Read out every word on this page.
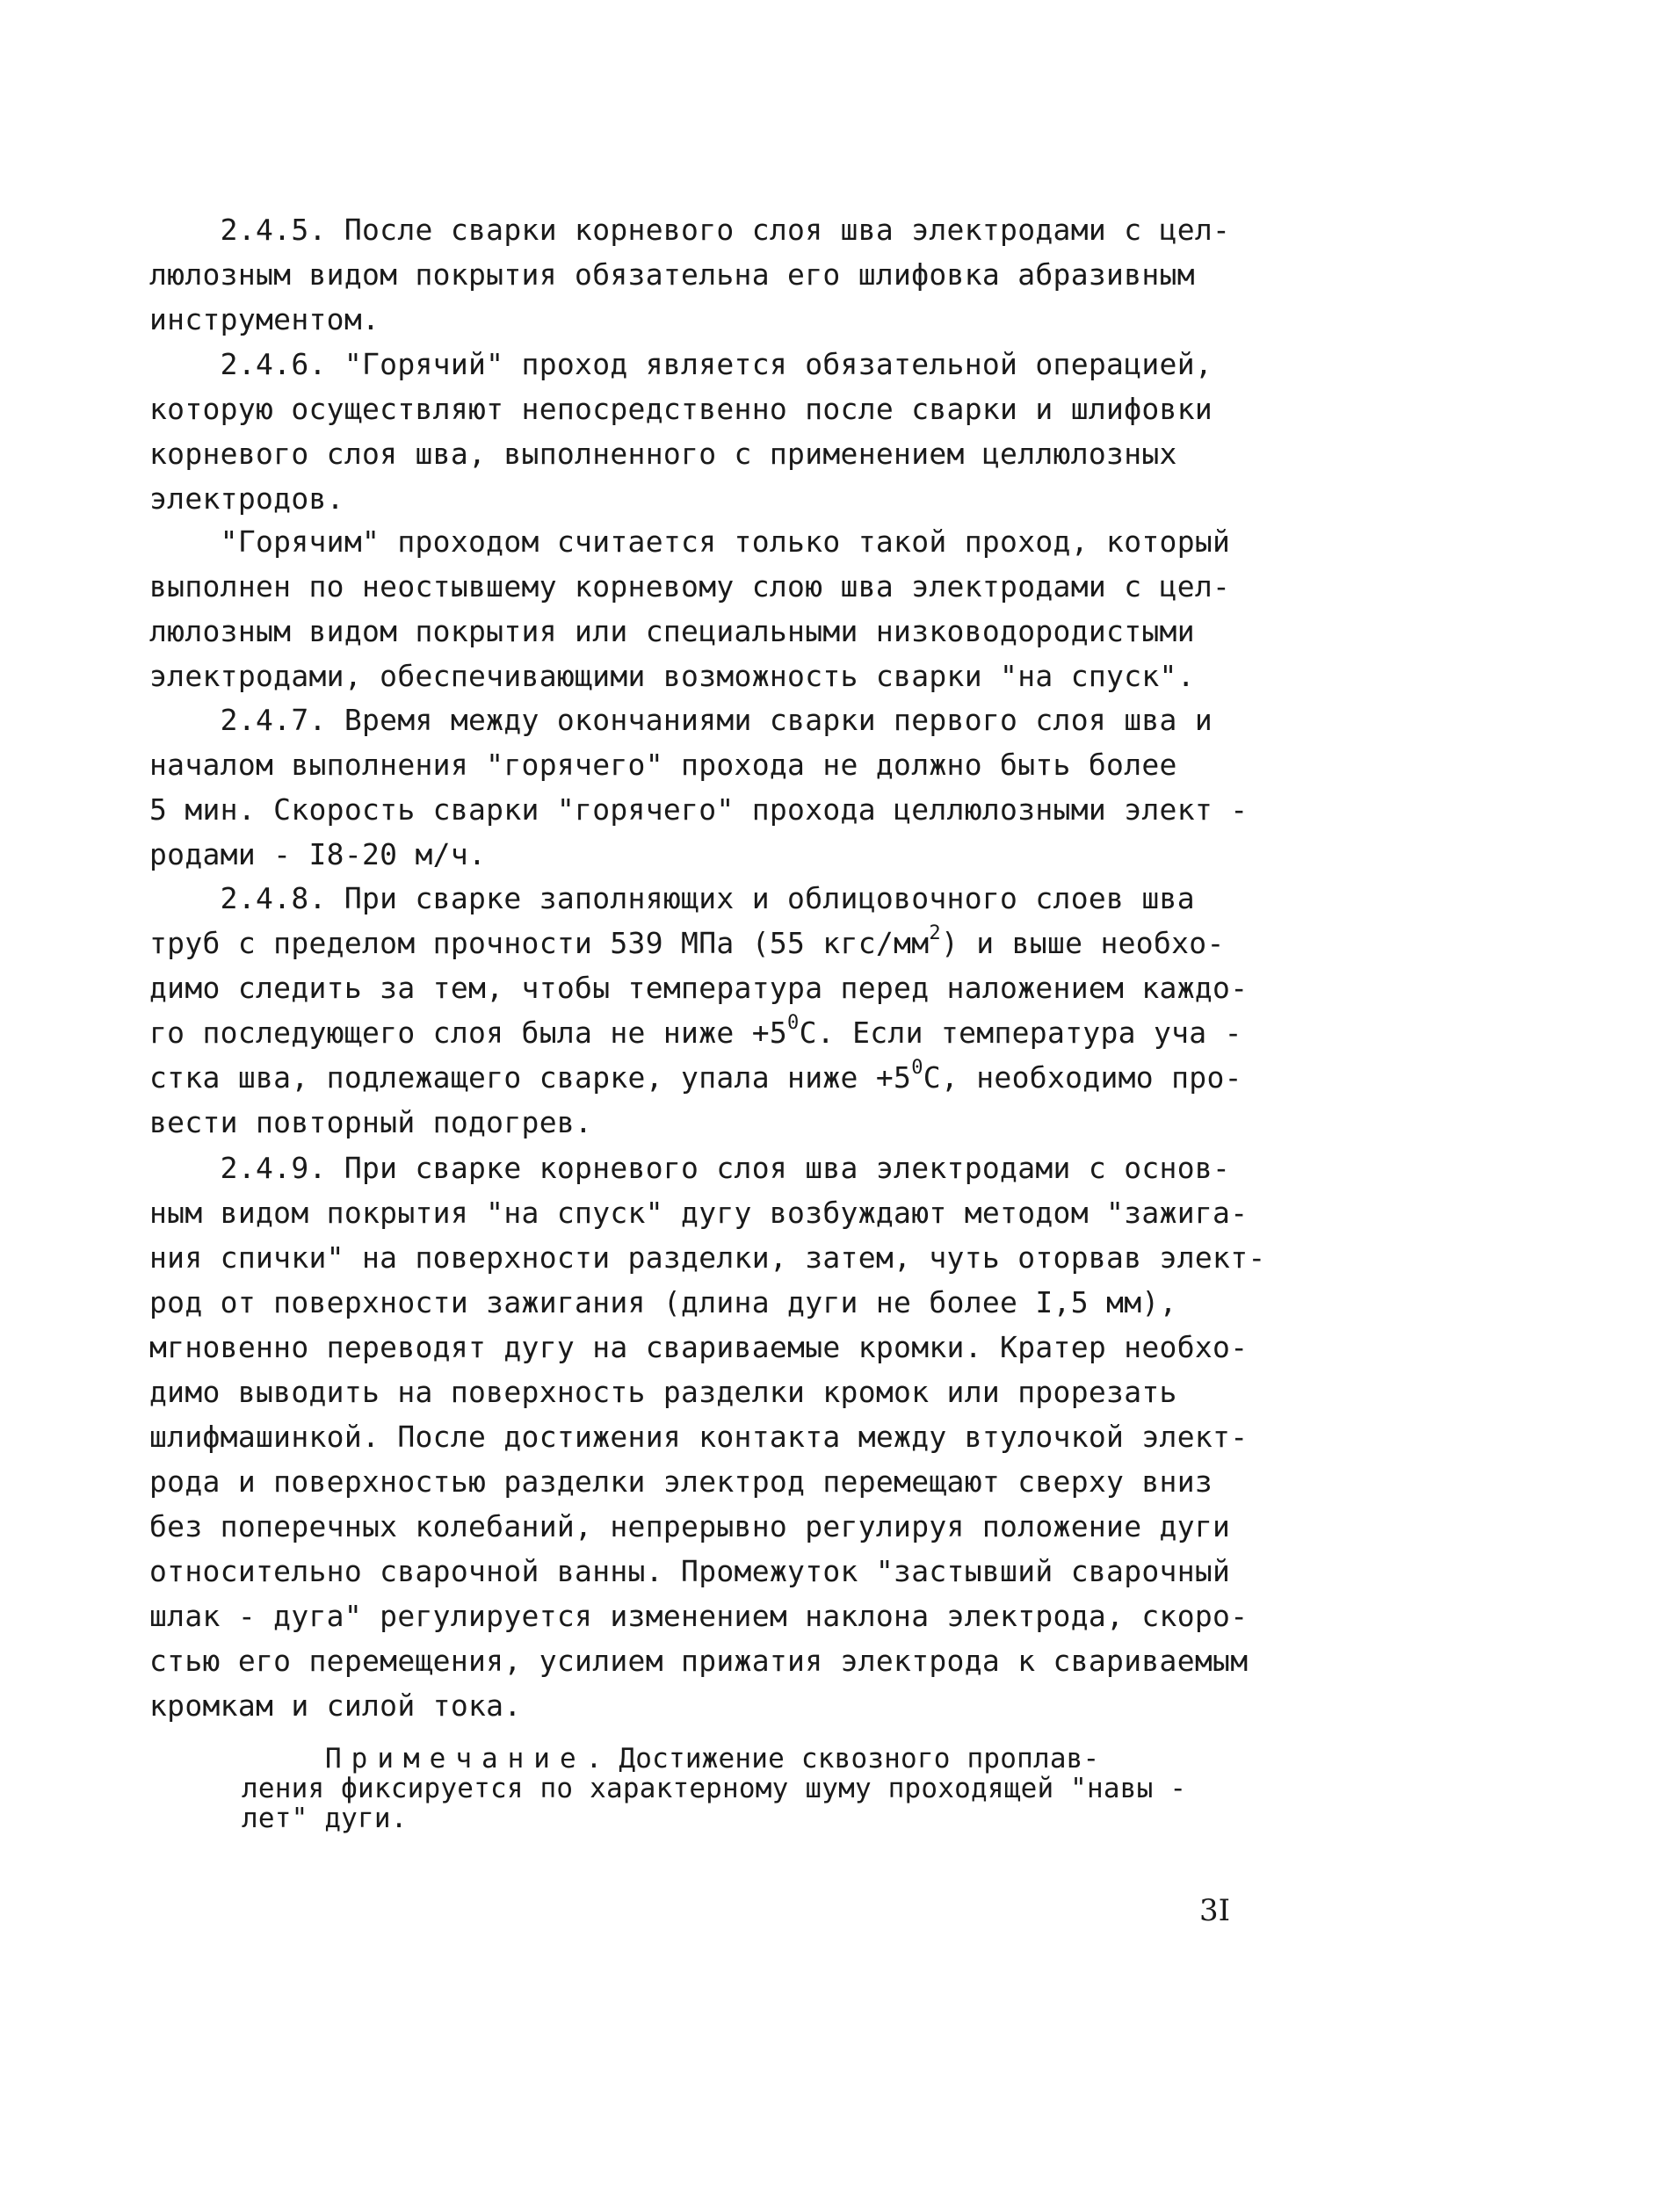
2.4.5. После сварки корневого слоя шва электродами с цел-
люлозным видом покрытия обязательна его шлифовка абразивным
инструментом.
2.4.6. "Горячий" проход является обязательной операцией,
которую осуществляют непосредственно после сварки и шлифовки
корневого слоя шва, выполненного с применением целлюлозных
электродов.
"Горячим" проходом считается только такой проход, который
выполнен по неостывшему корневому слою шва электродами с цел-
люлозным видом покрытия или специальными низководородистыми
электродами, обеспечивающими возможность сварки "на спуск".
2.4.7. Время между окончаниями сварки первого слоя шва и
началом выполнения "горячего" прохода не должно быть более
5 мин. Скорость сварки "горячего" прохода целлюлозными элект -
родами - I8-20 м/ч.
2.4.8. При сварке заполняющих и облицовочного слоев шва
труб с пределом прочности 539 МПа (55 кгс/$мм^2$) и выше необхо-
димо следить за тем, чтобы температура перед наложением каждо-
го последующего слоя была не ниже $+5^0С$. Если температура уча -
стка шва, подлежащего сварке, упала ниже $+5^0С$, необходимо про-
вести повторный подогрев.
2.4.9. При сварке корневого слоя шва электродами с основ-
ным видом покрытия "на спуск" дугу возбуждают методом "зажига-
ния спички" на поверхности разделки, затем, чуть оторвав элект-
род от поверхности зажигания (длина дуги не более I,5 мм),
мгновенно переводят дугу на свариваемые кромки. Кратер необхо-
димо выводить на поверхность разделки кромок или прорезать
шлифмашинкой. После достижения контакта между втулочкой элект-
рода и поверхностью разделки электрод перемещают сверху вниз
без поперечных колебаний, непрерывно регулируя положение дуги
относительно сварочной ванны. Промежуток "застывший сварочный
шлак - дуга" регулируется изменением наклона электрода, скоро-
стью его перемещения, усилием прижатия электрода к свариваемым
кромкам и силой тока.
Примечание. Достижение сквозного проплав-
ления фиксируется по характерному шуму проходящей "навы -
лет" дуги.
3I
